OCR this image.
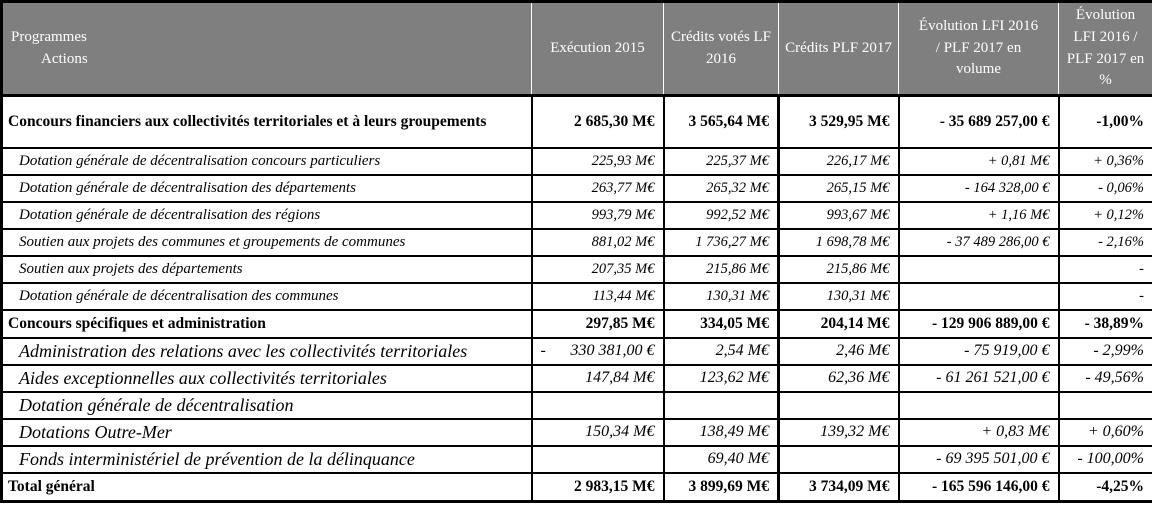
Programmes
Actions	Exécution 2015	Crédits votés LF 2016	Crédits PLF 2017	Évolution LFI 2016 / PLF 2017 en volume	Évolution LFI 2016 / PLF 2017 en %

Concours financiers aux collectivités territoriales et à leurs groupements	2 685,30 M€	3 565,64 M€	3 529,95 M€	- 35 689 257,00 €	-1,00%
Dotation générale de décentralisation concours particuliers	225,93 M€	225,37 M€	226,17 M€	+ 0,81 M€	+ 0,36%
Dotation générale de décentralisation des départements	263,77 M€	265,32 M€	265,15 M€	- 164 328,00 €	- 0,06%
Dotation générale de décentralisation des régions	993,79 M€	992,52 M€	993,67 M€	+ 1,16 M€	+ 0,12%
Soutien aux projets des communes et groupements de communes	881,02 M€	1 736,27 M€	1 698,78 M€	- 37 489 286,00 €	- 2,16%
Soutien aux projets des départements	207,35 M€	215,86 M€	215,86 M€		-
Dotation générale de décentralisation des communes	113,44 M€	130,31 M€	130,31 M€		-
Concours spécifiques et administration	297,85 M€	334,05 M€	204,14 M€	- 129 906 889,00 €	- 38,89%
Administration des relations avec les collectivités territoriales	- 330 381,00 €	2,54 M€	2,46 M€	- 75 919,00 €	- 2,99%
Aides exceptionnelles aux collectivités territoriales	147,84 M€	123,62 M€	62,36 M€	- 61 261 521,00 €	- 49,56%
Dotation générale de décentralisation					
Dotations Outre-Mer	150,34 M€	138,49 M€	139,32 M€	+ 0,83 M€	+ 0,60%
Fonds interministériel de prévention de la délinquance		69,40 M€		- 69 395 501,00 €	- 100,00%
Total général	2 983,15 M€	3 899,69 M€	3 734,09 M€	- 165 596 146,00 €	-4,25%
